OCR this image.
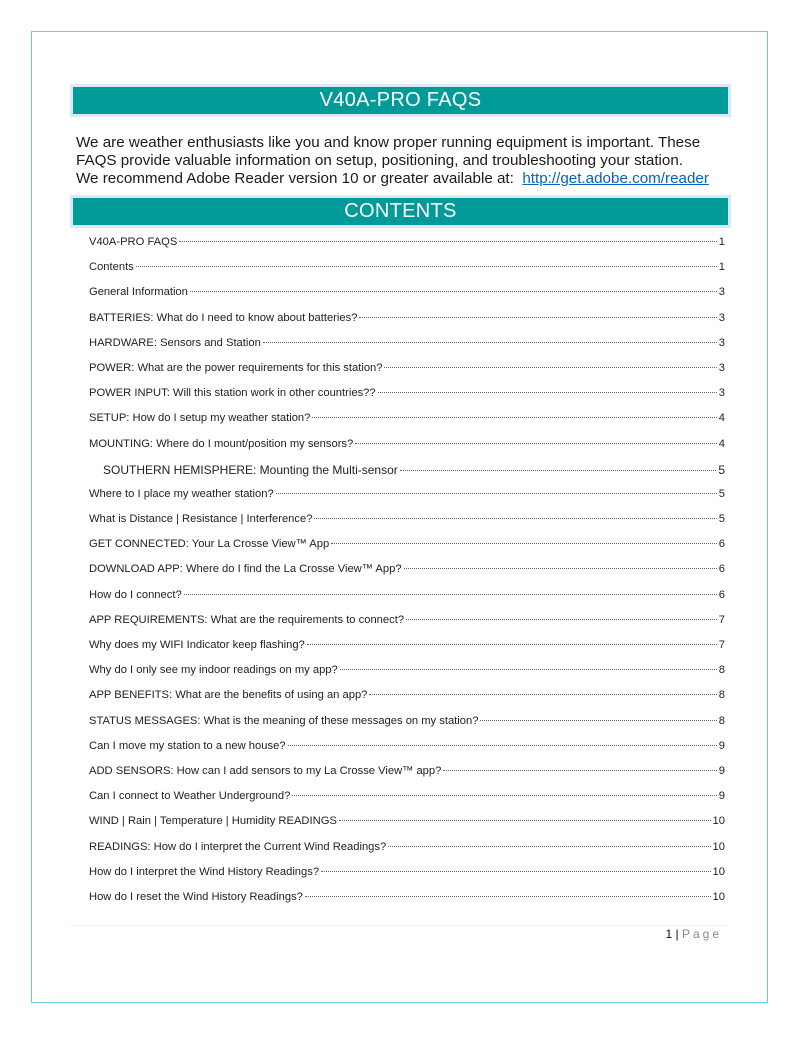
V40A-PRO FAQS
We are weather enthusiasts like you and know proper running equipment is important. These
FAQS provide valuable information on setup, positioning, and troubleshooting your station.
We recommend Adobe Reader version 10 or greater available at:  http://get.adobe.com/reader
CONTENTS
V40A-PRO FAQS	1
Contents	1
General Information	3
BATTERIES: What do I need to know about batteries?	3
HARDWARE: Sensors and Station	3
POWER: What are the power requirements for this station?	3
POWER INPUT: Will this station work in other countries??	3
SETUP: How do I setup my weather station?	4
MOUNTING: Where do I mount/position my sensors?	4
SOUTHERN HEMISPHERE: Mounting the Multi-sensor	5
Where to I place my weather station?	5
What is Distance | Resistance | Interference?	5
GET CONNECTED: Your La Crosse View™ App	6
DOWNLOAD APP: Where do I find the La Crosse View™ App?	6
How do I connect?	6
APP REQUIREMENTS: What are the requirements to connect?	7
Why does my WIFI Indicator keep flashing?	7
Why do I only see my indoor readings on my app?	8
APP BENEFITS: What are the benefits of using an app?	8
STATUS MESSAGES: What is the meaning of these messages on my station?	8
Can I move my station to a new house?	9
ADD SENSORS: How can I add sensors to my La Crosse View™ app?	9
Can I connect to Weather Underground?	9
WIND | Rain | Temperature | Humidity READINGS	10
READINGS: How do I interpret the Current Wind Readings?	10
How do I interpret the Wind History Readings?	10
How do I reset the Wind History Readings?	10
1 | Page
